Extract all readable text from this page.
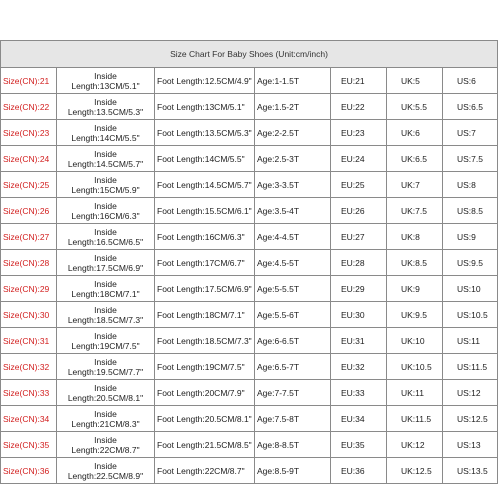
Size Chart For Baby Shoes (Unit:cm/inch)						
Size(CN):21	Inside Length:13CM/5.1"	Foot Length:12.5CM/4.9"	Age:1-1.5T	EU:21	UK:5	US:6
Size(CN):22	Inside Length:13.5CM/5.3"	Foot Length:13CM/5.1"	Age:1.5-2T	EU:22	UK:5.5	US:6.5
Size(CN):23	Inside Length:14CM/5.5"	Foot Length:13.5CM/5.3"	Age:2-2.5T	EU:23	UK:6	US:7
Size(CN):24	Inside Length:14.5CM/5.7"	Foot Length:14CM/5.5"	Age:2.5-3T	EU:24	UK:6.5	US:7.5
Size(CN):25	Inside Length:15CM/5.9"	Foot Length:14.5CM/5.7"	Age:3-3.5T	EU:25	UK:7	US:8
Size(CN):26	Inside Length:16CM/6.3"	Foot Length:15.5CM/6.1"	Age:3.5-4T	EU:26	UK:7.5	US:8.5
Size(CN):27	Inside Length:16.5CM/6.5"	Foot Length:16CM/6.3"	Age:4-4.5T	EU:27	UK:8	US:9
Size(CN):28	Inside Length:17.5CM/6.9"	Foot Length:17CM/6.7"	Age:4.5-5T	EU:28	UK:8.5	US:9.5
Size(CN):29	Inside Length:18CM/7.1"	Foot Length:17.5CM/6.9"	Age:5-5.5T	EU:29	UK:9	US:10
Size(CN):30	Inside Length:18.5CM/7.3"	Foot Length:18CM/7.1"	Age:5.5-6T	EU:30	UK:9.5	US:10.5
Size(CN):31	Inside Length:19CM/7.5"	Foot Length:18.5CM/7.3"	Age:6-6.5T	EU:31	UK:10	US:11
Size(CN):32	Inside Length:19.5CM/7.7"	Foot Length:19CM/7.5"	Age:6.5-7T	EU:32	UK:10.5	US:11.5
Size(CN):33	Inside Length:20.5CM/8.1"	Foot Length:20CM/7.9"	Age:7-7.5T	EU:33	UK:11	US:12
Size(CN):34	Inside Length:21CM/8.3"	Foot Length:20.5CM/8.1"	Age:7.5-8T	EU:34	UK:11.5	US:12.5
Size(CN):35	Inside Length:22CM/8.7"	Foot Length:21.5CM/8.5"	Age:8-8.5T	EU:35	UK:12	US:13
Size(CN):36	Inside Length:22.5CM/8.9"	Foot Length:22CM/8.7"	Age:8.5-9T	EU:36	UK:12.5	US:13.5
